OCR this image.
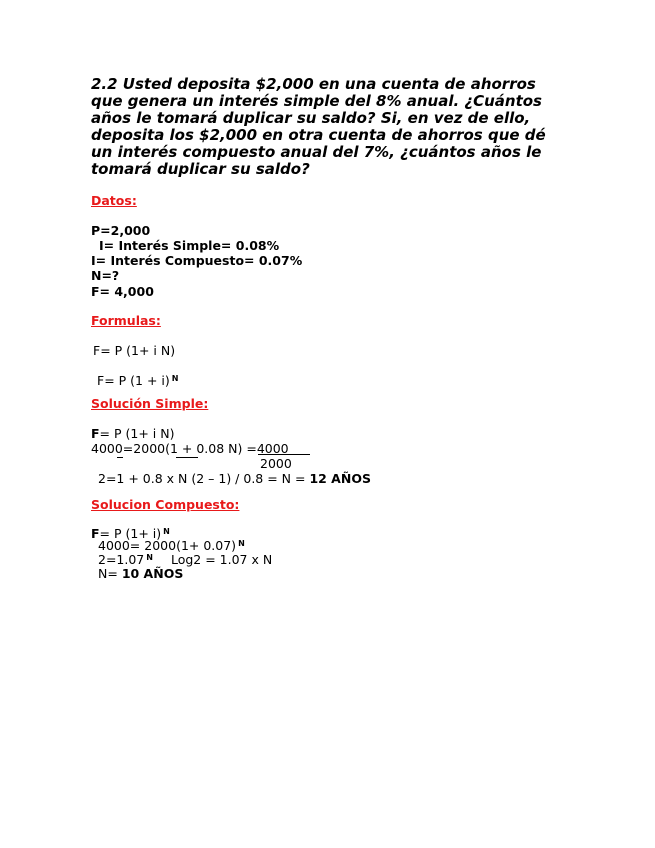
2.2 Usted deposita $2,000 en una cuenta de ahorros
que genera un interés simple del 8% anual. ¿Cuántos
años le tomará duplicar su saldo? Si, en vez de ello,
deposita los $2,000 en otra cuenta de ahorros que dé
un interés compuesto anual del 7%, ¿cuántos años le
tomará duplicar su saldo?
Datos:
P=2,000
I= Interés Simple= 0.08%
I= Interés Compuesto= 0.07%
N=?
F= 4,000
Formulas:
F= P (1+ i N)
F= P (1 + i) $^N$
Solución Simple:
F= P (1+ i N)
4000=2000(1 + 0.08 N) =4000
2000
2=1 + 0.8 x N (2 – 1) / 0.8 = N = 12 AÑOS
Solucion Compuesto:
F= P (1+ i) $^N$
4000= 2000(1+ 0.07) $^N$
2=1.07 $^N$ Log2 = 1.07 x N
N= 10 AÑOS
